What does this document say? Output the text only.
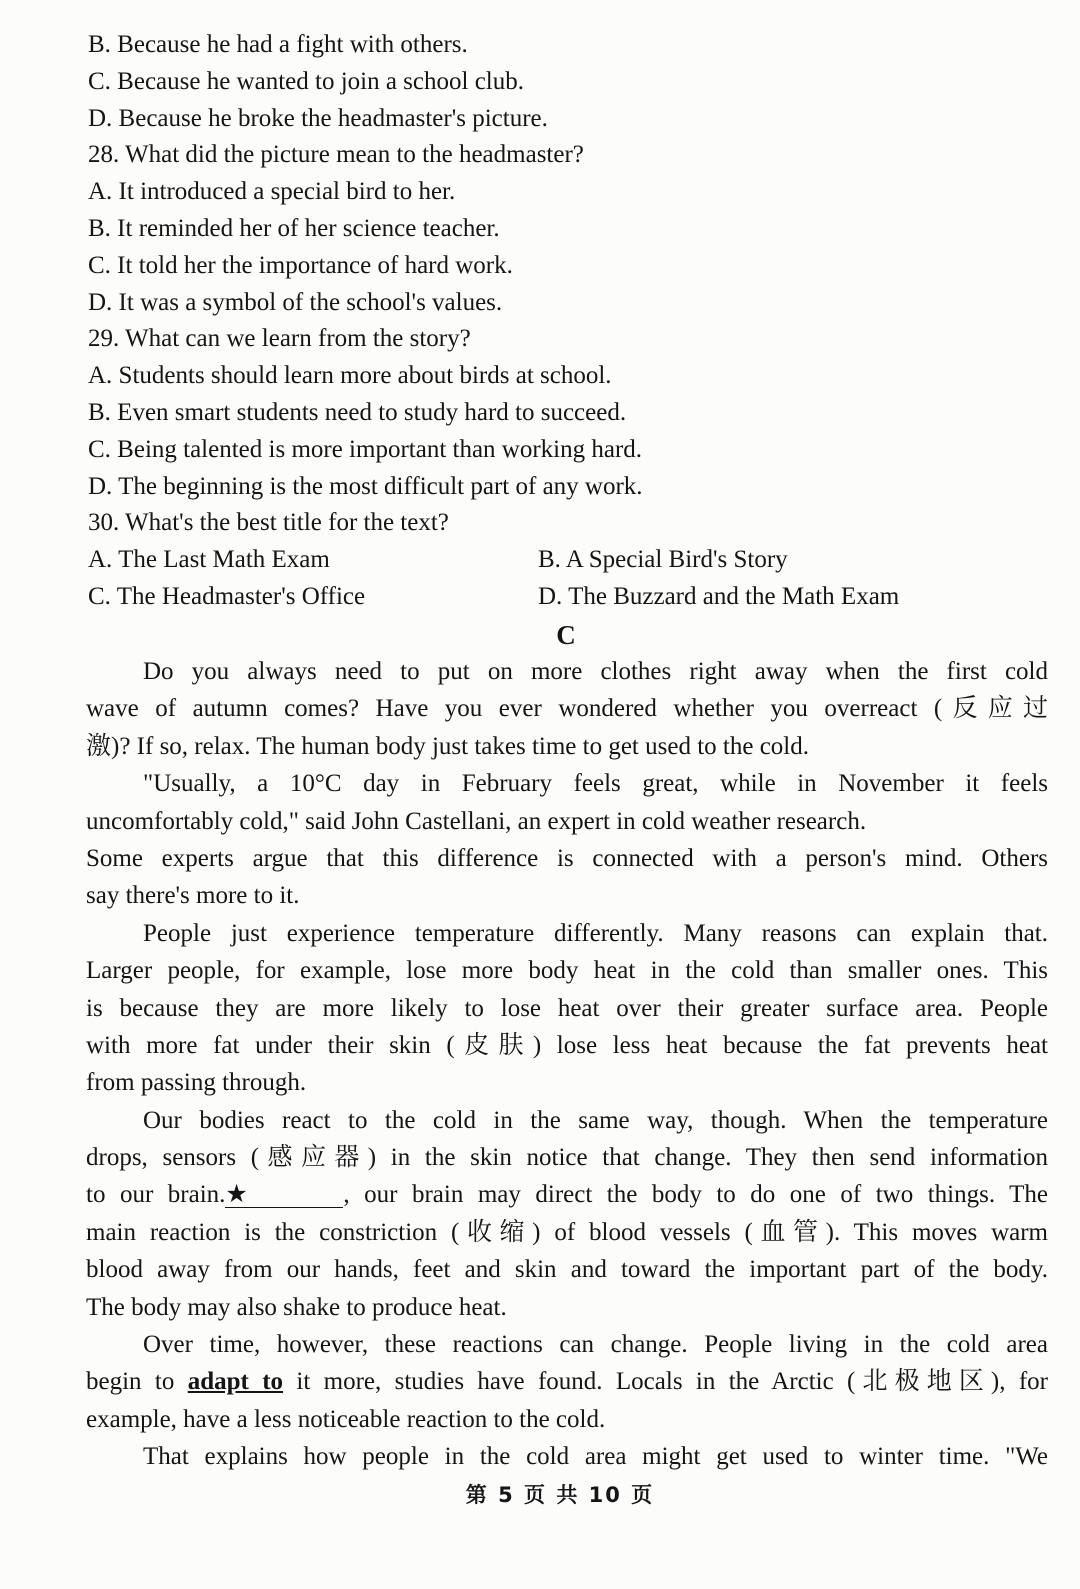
B. Because he had a fight with others.
C. Because he wanted to join a school club.
D. Because he broke the headmaster's picture.
28. What did the picture mean to the headmaster?
A. It introduced a special bird to her.
B. It reminded her of her science teacher.
C. It told her the importance of hard work.
D. It was a symbol of the school's values.
29. What can we learn from the story?
A. Students should learn more about birds at school.
B. Even smart students need to study hard to succeed.
C. Being talented is more important than working hard.
D. The beginning is the most difficult part of any work.
30. What's the best title for the text?
A. The Last Math Exam	B. A Special Bird's Story
C. The Headmaster's Office	D. The Buzzard and the Math Exam
C
Do you always need to put on more clothes right away when the first cold
wave of autumn comes? Have you ever wondered whether you overreact (反应过
激)? If so, relax. The human body just takes time to get used to the cold.
"Usually, a 10°C day in February feels great, while in November it feels
uncomfortably cold," said John Castellani, an expert in cold weather research.
Some experts argue that this difference is connected with a person's mind. Others
say there's more to it.
People just experience temperature differently. Many reasons can explain that.
Larger people, for example, lose more body heat in the cold than smaller ones. This
is because they are more likely to lose heat over their greater surface area. People
with more fat under their skin (皮肤) lose less heat because the fat prevents heat
from passing through.
Our bodies react to the cold in the same way, though. When the temperature
drops, sensors (感应器) in the skin notice that change. They then send information
to our brain.★	, our brain may direct the body to do one of two things. The
main reaction is the constriction (收缩) of blood vessels (血管). This moves warm
blood away from our hands, feet and skin and toward the important part of the body.
The body may also shake to produce heat.
Over time, however, these reactions can change. People living in the cold area
begin to adapt to it more, studies have found. Locals in the Arctic (北极地区), for
example, have a less noticeable reaction to the cold.
That explains how people in the cold area might get used to winter time. "We
第 5 页 共 10 页
